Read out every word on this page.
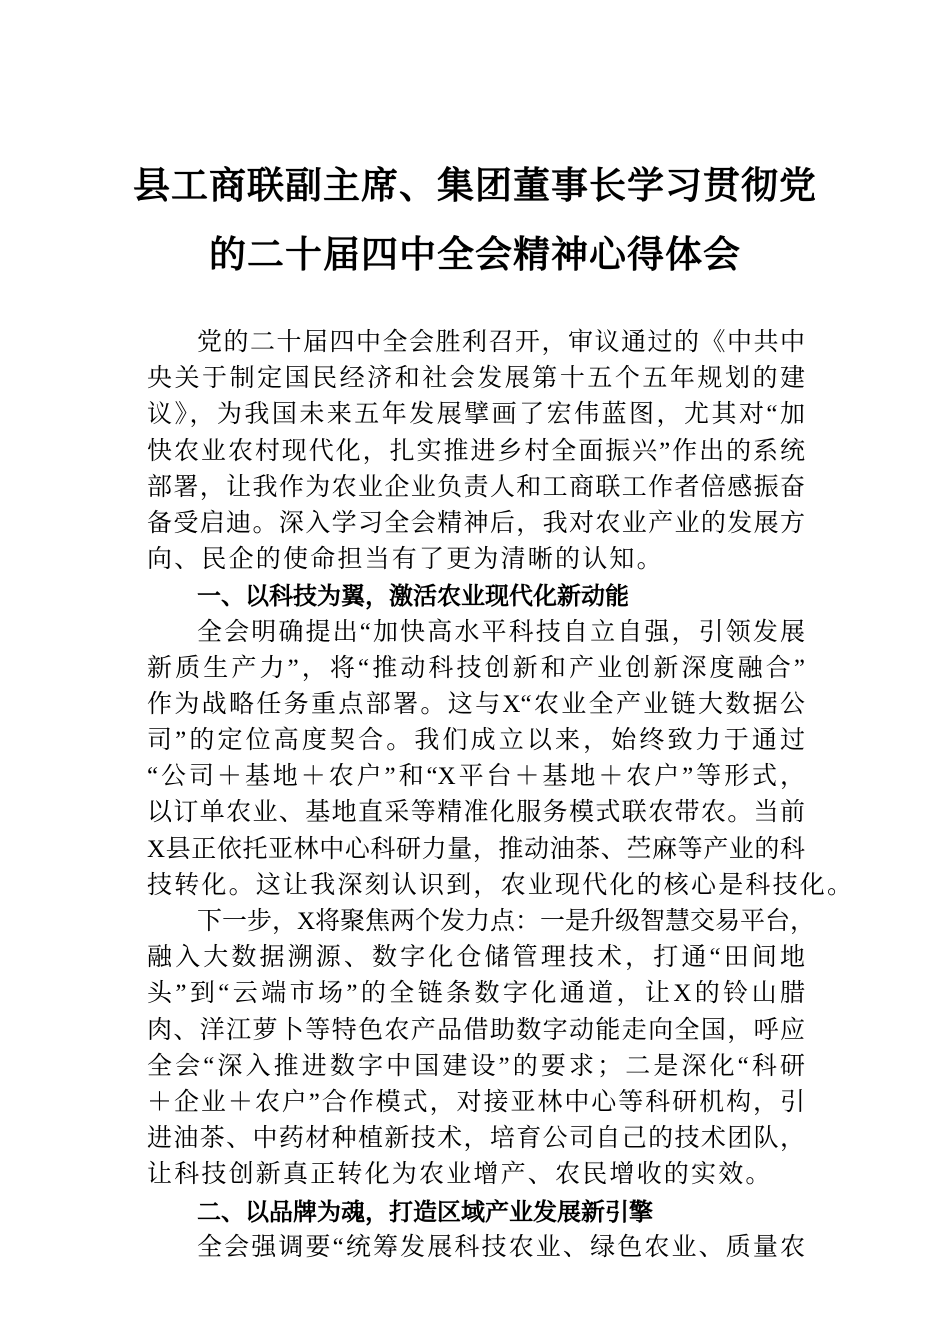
县工商联副主席、集团董事长学习贯彻党
的二十届四中全会精神心得体会
党的二十届四中全会胜利召开，审议通过的《中共中
央关于制定国民经济和社会发展第十五个五年规划的建
议》，为我国未来五年发展擘画了宏伟蓝图，尤其对“加
快农业农村现代化，扎实推进乡村全面振兴”作出的系统
部署，让我作为农业企业负责人和工商联工作者倍感振奋
备受启迪。深入学习全会精神后，我对农业产业的发展方
向、民企的使命担当有了更为清晰的认知。
一、以科技为翼，激活农业现代化新动能
全会明确提出“加快高水平科技自立自强，引领发展
新质生产力”，将“推动科技创新和产业创新深度融合”
作为战略任务重点部署。这与X“农业全产业链大数据公
司”的定位高度契合。我们成立以来，始终致力于通过
“公司＋基地＋农户”和“X平台＋基地＋农户”等形式，
以订单农业、基地直采等精准化服务模式联农带农。当前
X县正依托亚林中心科研力量，推动油茶、苎麻等产业的科
技转化。这让我深刻认识到，农业现代化的核心是科技化。
下一步，X将聚焦两个发力点：一是升级智慧交易平台，
融入大数据溯源、数字化仓储管理技术，打通“田间地
头”到“云端市场”的全链条数字化通道，让X的铃山腊
肉、洋江萝卜等特色农产品借助数字动能走向全国，呼应
全会“深入推进数字中国建设”的要求；二是深化“科研
＋企业＋农户”合作模式，对接亚林中心等科研机构，引
进油茶、中药材种植新技术，培育公司自己的技术团队，
让科技创新真正转化为农业增产、农民增收的实效。
二、以品牌为魂，打造区域产业发展新引擎
全会强调要“统筹发展科技农业、绿色农业、质量农
